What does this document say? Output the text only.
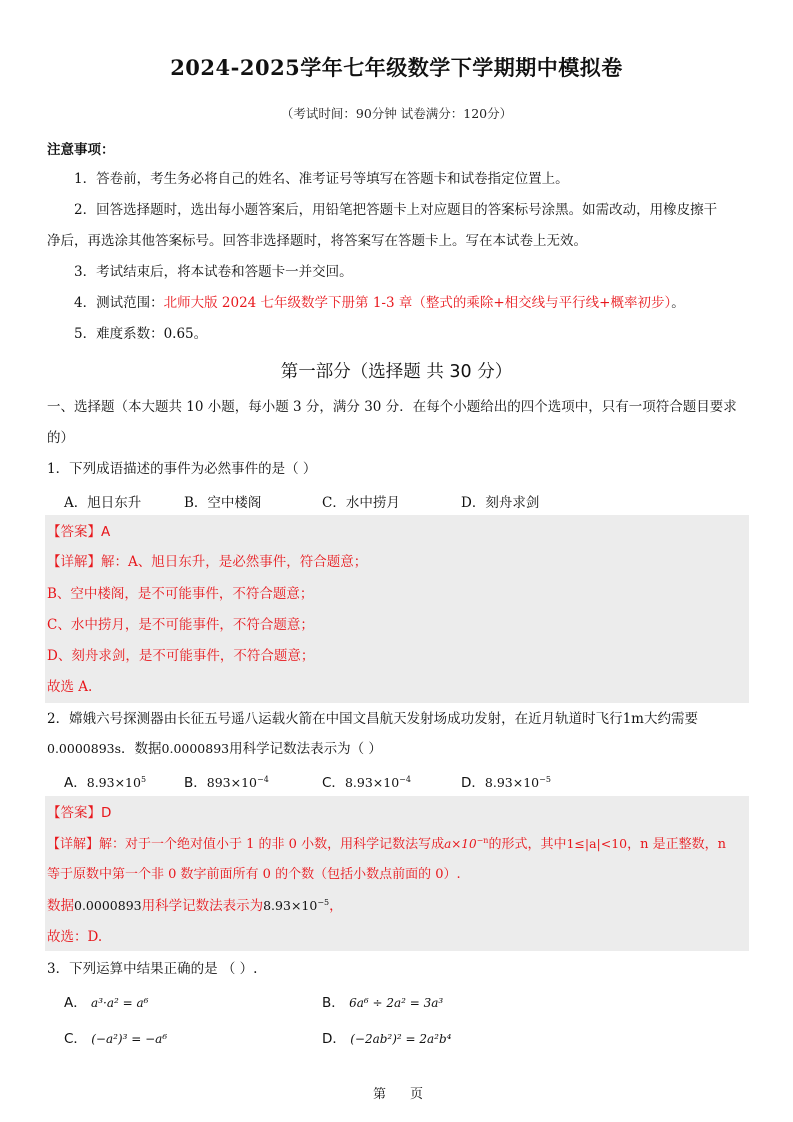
2024-2025学年七年级数学下学期期中模拟卷
（考试时间：90分钟 试卷满分：120分）
注意事项：
1．答卷前，考生务必将自己的姓名、准考证号等填写在答题卡和试卷指定位置上。
2．回答选择题时，选出每小题答案后，用铅笔把答题卡上对应题目的答案标号涂黑。如需改动，用橡皮擦干
净后，再选涂其他答案标号。回答非选择题时，将答案写在答题卡上。写在本试卷上无效。
3．考试结束后，将本试卷和答题卡一并交回。
4．测试范围：北师大版 2024 七年级数学下册第 1-3 章（整式的乘除+相交线与平行线+概率初步）。
5．难度系数：0.65。
第一部分（选择题 共 30 分）
一、选择题（本大题共 10 小题，每小题 3 分，满分 30 分．在每个小题给出的四个选项中，只有一项符合题目要求
的）
1．下列成语描述的事件为必然事件的是（ ）
A．旭日东升	B．空中楼阁	C．水中捞月	D．刻舟求剑
【答案】A
【详解】解：A、旭日东升，是必然事件，符合题意；
B、空中楼阁，是不可能事件，不符合题意；
C、水中捞月，是不可能事件，不符合题意；
D、刻舟求剑，是不可能事件，不符合题意；
故选 A.
2．嫦娥六号探测器由长征五号遥八运载火箭在中国文昌航天发射场成功发射，在近月轨道时飞行1m大约需要
0.0000893s．数据0.0000893用科学记数法表示为（ ）
A．$8.93\times 10^5$	B．$893\times 10^{-4}$	C．$8.93\times 10^{-4}$	D．$8.93\times 10^{-5}$
【答案】D
【详解】解：对于一个绝对值小于 1 的非 0 小数，用科学记数法写成$a\times 10^{-n}$的形式，其中1≤|a|<10，n 是正整数，n
等于原数中第一个非 0 数字前面所有 0 的个数（包括小数点前面的 0）.
数据0.0000893用科学记数法表示为$8.93\times 10^{-5}$，
故选：D.
3．下列运算中结果正确的是 （ ）.
A． a³·a² = a⁶	B． 6a⁶ ÷ 2a² = 3a³
C． (−a²)³ = −a⁶	D． (−2ab²)² = 2a²b⁴
第 页
